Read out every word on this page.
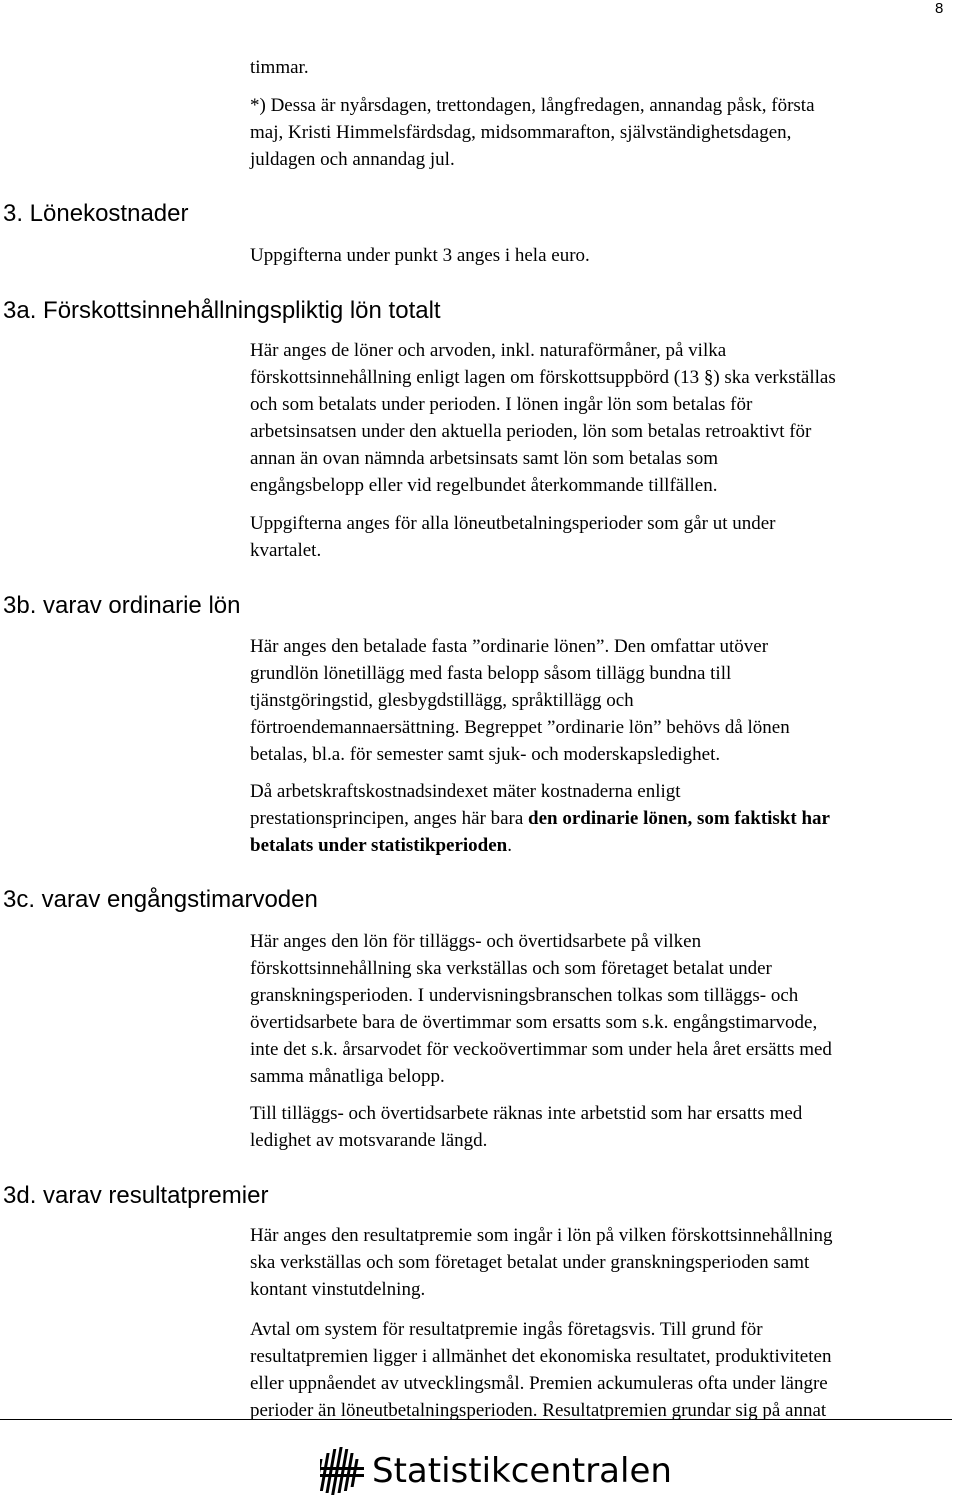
8

timmar.

*) Dessa är nyårsdagen, trettondagen, långfredagen, annandag påsk, första

maj, Kristi Himmelsfärdsdag, midsommarafton, självständighetsdagen,

juldagen och annandag jul.

3. Lönekostnader

Uppgifterna under punkt 3 anges i hela euro.

3a. Förskottsinnehållningspliktig lön totalt

Här anges de löner och arvoden, inkl. naturaförmåner, på vilka

förskottsinnehållning enligt lagen om förskottsuppbörd (13 §) ska verkställas

och som betalats under perioden. I lönen ingår lön som betalas för

arbetsinsatsen under den aktuella perioden, lön som betalas retroaktivt för

annan än ovan nämnda arbetsinsats samt lön som betalas som

engångsbelopp eller vid regelbundet återkommande tillfällen.

Uppgifterna anges för alla löneutbetalningsperioder som går ut under

kvartalet.

3b. varav ordinarie lön

Här anges den betalade fasta ”ordinarie lönen”. Den omfattar utöver

grundlön lönetillägg med fasta belopp såsom tillägg bundna till

tjänstgöringstid, glesbygdstillägg, språktillägg och

förtroendemannaersättning. Begreppet ”ordinarie lön” behövs då lönen

betalas, bl.a. för semester samt sjuk- och moderskapsledighet.

Då arbetskraftskostnadsindexet mäter kostnaderna enligt

prestationsprincipen, anges här bara den ordinarie lönen, som faktiskt har

betalats under statistikperioden.

3c. varav engångstimarvoden

Här anges den lön för tilläggs- och övertidsarbete på vilken

förskottsinnehållning ska verkställas och som företaget betalat under

granskningsperioden. I undervisningsbranschen tolkas som tilläggs- och

övertidsarbete bara de övertimmar som ersatts som s.k. engångstimarvode,

inte det s.k. årsarvodet för veckoövertimmar som under hela året ersätts med

samma månatliga belopp.

Till tilläggs- och övertidsarbete räknas inte arbetstid som har ersatts med

ledighet av motsvarande längd.

3d. varav resultatpremier

Här anges den resultatpremie som ingår i lön på vilken förskottsinnehållning

ska verkställas och som företaget betalat under granskningsperioden samt

kontant vinstutdelning.

Avtal om system för resultatpremie ingås företagsvis. Till grund för

resultatpremien ligger i allmänhet det ekonomiska resultatet, produktiviteten

eller uppnåendet av utvecklingsmål. Premien ackumuleras ofta under längre

perioder än löneutbetalningsperioden. Resultatpremien grundar sig på annat

Statistikcentralen
